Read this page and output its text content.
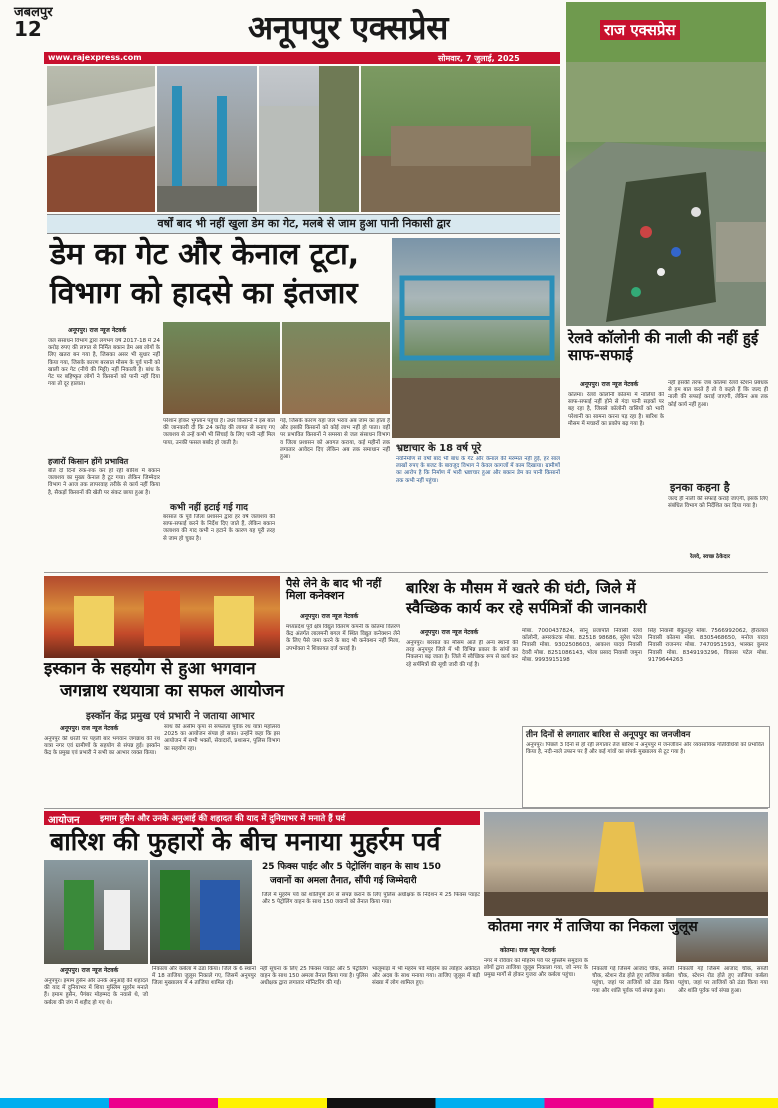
जबलपुर
12	अनूपपुर एक्सप्रेस
www.rajexpress.com	सोमवार, 7 जुलाई, 2025
राज एक्सप्रेस
वर्षों बाद भी नहीं खुला डेम का गेट, मलबे से जाम हुआ पानी निकासी द्वार
डेम का गेट और केनाल टूटा,
विभाग को हादसे का इंतजार
अनूपपुर। राज न्यूज नेटवर्क
जल संसाधन विभाग द्वारा लगभग वर्ष 2017-18 में 24 करोड़ रुपए की लागत से निर्मित बकान डेम अब लोगों के लिए खतरा बन गया है, जिसका असर भी सुधार नहीं किया गया, जिसके कारण बरसात मौसम के पूर्व पानी को खाली कर गेट (नीचे की मिट्टी) नहीं निकाली है। बांध के गेट पर बहिष्कृत लोगों ने किसानों को पानी नहीं दिया गया तो दूर हालात।
हजारों किसान होंगे प्रभावित
बीते दो दिनों रुक-रुक कर हो रही बारिश में बकान जलाशय का मुख्य केनाल है टूट गया। लेकिन जिम्मेदार विभाग ने आज तक लापरवाह तरीके से कार्य नहीं किया है, सैकड़ों किसानों की खेती पर संकट छाया हुआ है।
परेशान होकर भुगतान पहुंचा है। उधर किसानों ने इस बात की जानकारी दी कि 24 करोड़ की लागत से बनाए गए जलाशय से उन्हें कभी भी सिंचाई के लिए पानी नहीं मिल पाया, उनकी फसल बर्बाद हो जाती है।
कभी नहीं हटाई गई गाद
बरसात के पूर्व जिला प्रशासन द्वारा हर वर्ष जलाशय की साफ-सफाई करने के निर्देश दिए जाते हैं, लेकिन बकान जलाशय की गाद कभी न हटाने के कारण यह पूरी तरह से जाम हो चुका है।
गई, जिसके कारण यहां जल भराव अब जाम का होता है और इसकी किसानों को कोई लाभ नहीं हो पाता। वहीं पर प्रभावित किसानों ने समस्या से जल संसाधन विभाग व जिला प्रशासन को अवगत कराया, कई महीनों तक लगातार आवेदन दिए लेकिन अब तक समाधान नहीं हुआ।
भ्रष्टाचार के 18 वर्ष पूरे
नवनिर्माण से वर्षों बाद भी बांध के गेट और केनाल की मरम्मत नहीं हुई, हर साल लाखों रुपए के बजट के बावजूद विभाग ने केवल कागजों में काम दिखाया। ग्रामीणों का आरोप है कि निर्माण में भारी भ्रष्टाचार हुआ और बकान डेम का पानी किसानों तक कभी नहीं पहुंचा।
रेलवे कॉलोनी की नाली की नहीं हुई साफ-सफाई
अनूपपुर। राज न्यूज नेटवर्क
कोतमा। रेलवे कॉलोनी कोतमा में नालियों की साफ-सफाई नहीं होने से गंदा पानी सड़कों पर बह रहा है, जिससे कॉलोनी वासियों को भारी परेशानी का सामना करना पड़ रहा है। बारिश के मौसम में मच्छरों का प्रकोप बढ़ गया है।
नहीं इसकी तरफ जब कोतमा रेलवे स्टेशन प्रबंधक से हम बात करते हैं तो वे कहते हैं कि जल्द ही नाली की सफाई कराई जाएगी, लेकिन अब तक कोई कार्य नहीं हुआ।
इनका कहना है
जल्द ही नाली की सफाई कराई जाएगी, इसके लिए संबंधित विभाग को निर्देशित कर दिया गया है।
रेलवे, स्वच्छ ठेकेदार
इस्कान के सहयोग से हुआ भगवान
जगन्नाथ रथयात्रा का सफल आयोजन
इस्कॉन केंद्र प्रमुख एवं प्रभारी ने जताया आभार
अनूपपुर। राज न्यूज नेटवर्क
अनूपपुर की धरती पर पहली बार भगवान जगन्नाथ की रथ यात्रा नगर एवं ग्रामीणों के सहयोग से संपन्न हुई। इस्कॉन केंद्र के प्रमुख एवं प्रभारी ने सभी का आभार व्यक्त किया।
साथ की असीम कृपा से सफलता पूर्वक रथ यात्रा महोत्सव 2025 का आयोजन संपन्न हो सका। उन्होंने कहा कि इस आयोजन में सभी भक्तों, सेवादारों, प्रशासन, पुलिस विभाग का सहयोग रहा।
पैसे लेने के बाद भी नहीं मिला कनेक्शन
अनूपपुर। राज न्यूज नेटवर्क
मध्यप्रदेश पूर्व क्षेत्र विद्युत वितरण कंपनी के कोतमा वितरण केंद्र अंतर्गत लालमनी बगल में स्थित विद्युत कनेक्शन लेने के लिए पैसे जमा करने के बाद भी कनेक्शन नहीं मिला, उपभोक्ता ने शिकायत दर्ज कराई है।
बारिश के मौसम में खतरे की घंटी, जिले में
स्वैच्छिक कार्य कर रहे सर्पमित्रों की जानकारी
अनूपपुर। राज न्यूज नेटवर्क
अनूपपुर। बरसात का मौसम आते ही अन्य स्थानों की तरह अनूपपुर जिले में भी विभिन्न प्रकार के सांपों का निकलना बढ़ जाता है। जिले में स्वैच्छिक रूप से कार्य कर रहे सर्पमित्रों की सूची जारी की गई है।
मोबा. 7000437824, सोनू प्रजापति निवासी रेलवे कॉलोनी, अमरकंटक मोबा. 82518 98686, सुरेश पटेल निवासी मोबा. 9302508603, आकाश यादव निवासी देवरी मोबा. 8251086143, भोला प्रसाद निवासी जमुना मोबा. 9993915198
सिंह निवासी बैकुंठपुर मोबा. 7566992062, हीरालाल निवासी कोतमा मोबा. 8305468650, मनोज यादव निवासी राजनगर मोबा. 7470951593, भास्कर कुमार निवासी मोबा. 8349193296, विकास पटेल मोबा. 9179644263
तीन दिनों से लगातार बारिश से अनूपपुर का जनजीवन
अनूपपुर। पिछले 3 दिनों से हो रही लगातार तेज बारिश ने अनूपपुर में जनजीवन और व्यवसायिक गतिविधियों को प्रभावित किया है, नदी-नाले उफान पर हैं और कई गांवों का संपर्क मुख्यालय से टूट गया है।
आयोजन इमाम हुसैन और उनके अनुआई की शहादत की याद में दुनियाभर में मनाते हैं पर्व
बारिश की फुहारों के बीच मनाया मुहर्रम पर्व
25 फिक्स पाईट और 5 पेट्रोलिंग वाहन के साथ 150
जवानों का अमला तैनात, सौंपी गई जिम्मेदारी
जिले में मुहर्रम पर्व को शांतिपूर्ण ढंग से संपन्न कराने के लिए पुलिस अधीक्षक के निर्देशन में 25 फिक्स प्वाइंट और 5 पेट्रोलिंग वाहन के साथ 150 जवानों को तैनात किया गया।
अनूपपुर। राज न्यूज नेटवर्क
अनूपपुर। इमाम हुसैन और उनके अनुआई की शहादत की याद में दुनियाभर में शिया मुस्लिम मुहर्रम मनाते हैं। इमाम हुसैन, पैगंबर मोहम्मद के नवासे थे, जो कर्बला की जंग में शहीद हो गए थे।
निकाला और कर्बला में ठंडा किया। जिले के 6 स्थानों में 18 ताजिया जुलूस निकाले गए, जिसमें अनूपपुर जिला मुख्यालय में 4 ताजिया शामिल रहे।
नहीं सूचना के लिए 25 फिक्स प्वाइंट और 5 पेट्रोलिंग वाहन के साथ 150 अमला तैनात किया गया है। पुलिस अधीक्षक द्वारा लगातार मॉनिटरिंग की गई।
भालूमाड़ा में भी महर्रम पर्व मोहर्रम का त्योहार अकीदत और अदब के साथ मनाया गया। ताजिए जुलूस में बड़ी संख्या में लोग शामिल हुए।
कोतमा नगर में ताजिया का निकला जुलूस
कोतमा। राज न्यूज नेटवर्क
नगर में रविवार को मोहर्रम पर्व पर मुस्लिम समुदाय के लोगों द्वारा ताजिया जुलूस निकाला गया, जो नगर के प्रमुख मार्गों से होकर गुजरा और कर्बला पहुंचा।
निकाली गई जिसमें आजाद चौक, सब्जी चौक, स्टेशन रोड होते हुए ताजिया कर्बला पहुंचा, जहां पर ताजियों को ठंडा किया गया और शांति पूर्वक पर्व संपन्न हुआ।
निकाली गई जिसमें आजाद चौक, सब्जी चौक, स्टेशन रोड होते हुए ताजिया कर्बला पहुंचा, जहां पर ताजियों को ठंडा किया गया और शांति पूर्वक पर्व संपन्न हुआ।
